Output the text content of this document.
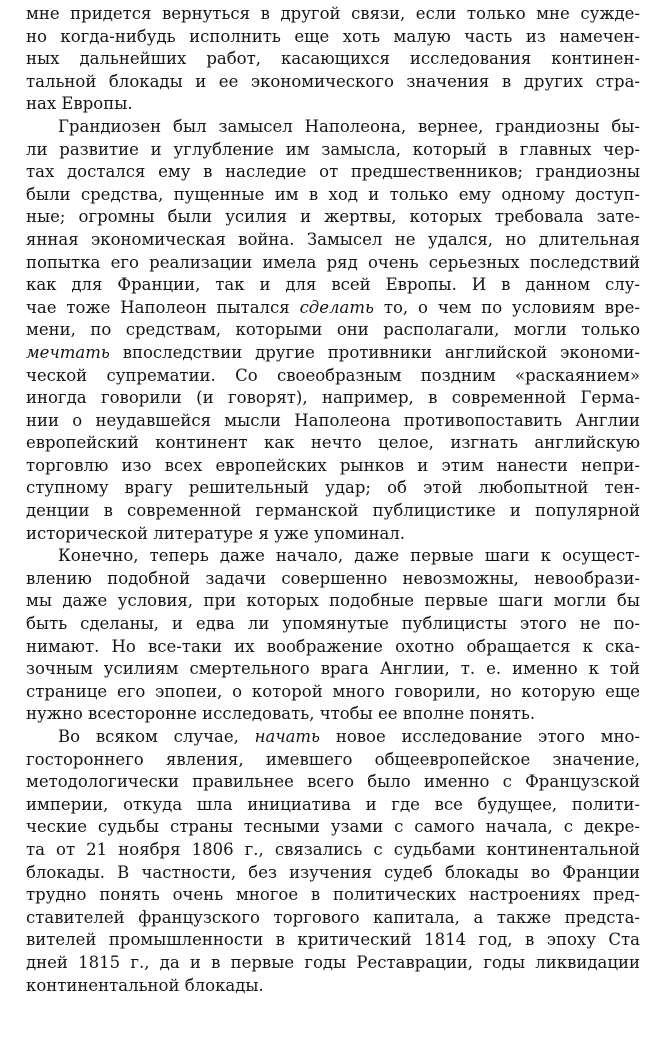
мне придется вернуться в другой связи, если только мне сужде-
но когда-нибудь исполнить еще хоть малую часть из намечен-
ных дальнейших работ, касающихся исследования континен-
тальной блокады и ее экономического значения в других стра-
нах Европы.
Грандиозен был замысел Наполеона, вернее, грандиозны бы-
ли развитие и углубление им замысла, который в главных чер-
тах достался ему в наследие от предшественников; грандиозны
были средства, пущенные им в ход и только ему одному доступ-
ные; огромны были усилия и жертвы, которых требовала зате-
янная экономическая война. Замысел не удался, но длительная
попытка его реализации имела ряд очень серьезных последствий
как для Франции, так и для всей Европы. И в данном слу-
чае тоже Наполеон пытался сделать то, о чем по условиям вре-
мени, по средствам, которыми они располагали, могли только
мечтать впоследствии другие противники английской экономи-
ческой супрематии. Со своеобразным поздним «раскаянием»
иногда говорили (и говорят), например, в современной Герма-
нии о неудавшейся мысли Наполеона противопоставить Англии
европейский континент как нечто целое, изгнать английскую
торговлю изо всех европейских рынков и этим нанести непри-
ступному врагу решительный удар; об этой любопытной тен-
денции в современной германской публицистике и популярной
исторической литературе я уже упоминал.
Конечно, теперь даже начало, даже первые шаги к осущест-
влению подобной задачи совершенно невозможны, невообрази-
мы даже условия, при которых подобные первые шаги могли бы
быть сделаны, и едва ли упомянутые публицисты этого не по-
нимают. Но все-таки их воображение охотно обращается к ска-
зочным усилиям смертельного врага Англии, т. е. именно к той
странице его эпопеи, о которой много говорили, но которую еще
нужно всесторонне исследовать, чтобы ее вполне понять.
Во всяком случае, начать новое исследование этого мно-
гостороннего явления, имевшего общеевропейское значение,
методологически правильнее всего было именно с Французской
империи, откуда шла инициатива и где все будущее, полити-
ческие судьбы страны тесными узами с самого начала, с декре-
та от 21 ноября 1806 г., связались с судьбами континентальной
блокады. В частности, без изучения судеб блокады во Франции
трудно понять очень многое в политических настроениях пред-
ставителей французского торгового капитала, а также предста-
вителей промышленности в критический 1814 год, в эпоху Ста
дней 1815 г., да и в первые годы Реставрации, годы ликвидации
континентальной блокады.
